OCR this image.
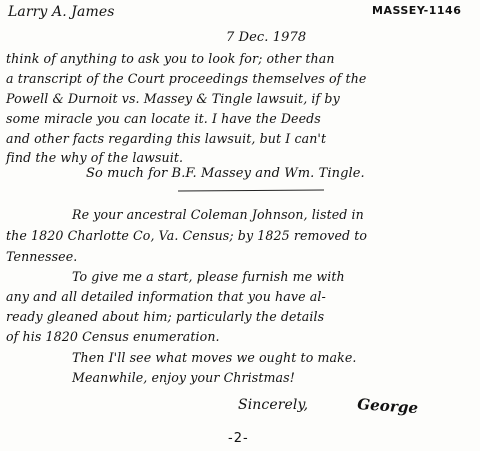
Larry A. James	MASSEY-1146
7 Dec. 1978
think of anything to ask you to look for; other than
a transcript of the Court proceedings themselves of the
Powell & Durnoit vs. Massey & Tingle lawsuit, if by
some miracle you can locate it. I have the Deeds
and other facts regarding this lawsuit, but I can't
find the why of the lawsuit.
So much for B.F. Massey and Wm. Tingle.
Re your ancestral Coleman Johnson, listed in
the 1820 Charlotte Co, Va. Census; by 1825 removed to
Tennessee.
To give me a start, please furnish me with
any and all detailed information that you have al-
ready gleaned about him; particularly the details
of his 1820 Census enumeration.
Then I'll see what moves we ought to make.
Meanwhile, enjoy your Christmas!
Sincerely,	George
-2-
